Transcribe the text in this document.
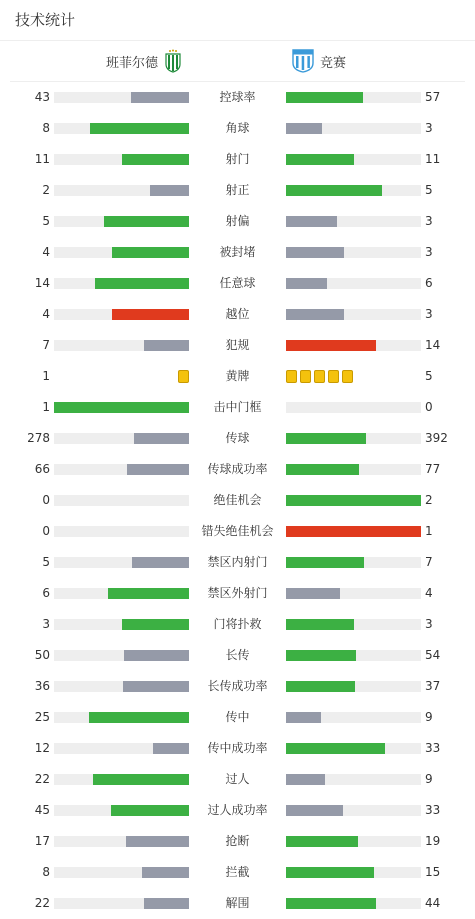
技术统计
班菲尔德	竞赛
43	控球率	57
8	角球	3
11	射门	11
2	射正	5
5	射偏	3
4	被封堵	3
14	任意球	6
4	越位	3
7	犯规	14
1	黄牌	5
1	击中门框	0
278	传球	392
66	传球成功率	77
0	绝佳机会	2
0	错失绝佳机会	1
5	禁区内射门	7
6	禁区外射门	4
3	门将扑救	3
50	长传	54
36	长传成功率	37
25	传中	9
12	传中成功率	33
22	过人	9
45	过人成功率	33
17	抢断	19
8	拦截	15
22	解围	44
